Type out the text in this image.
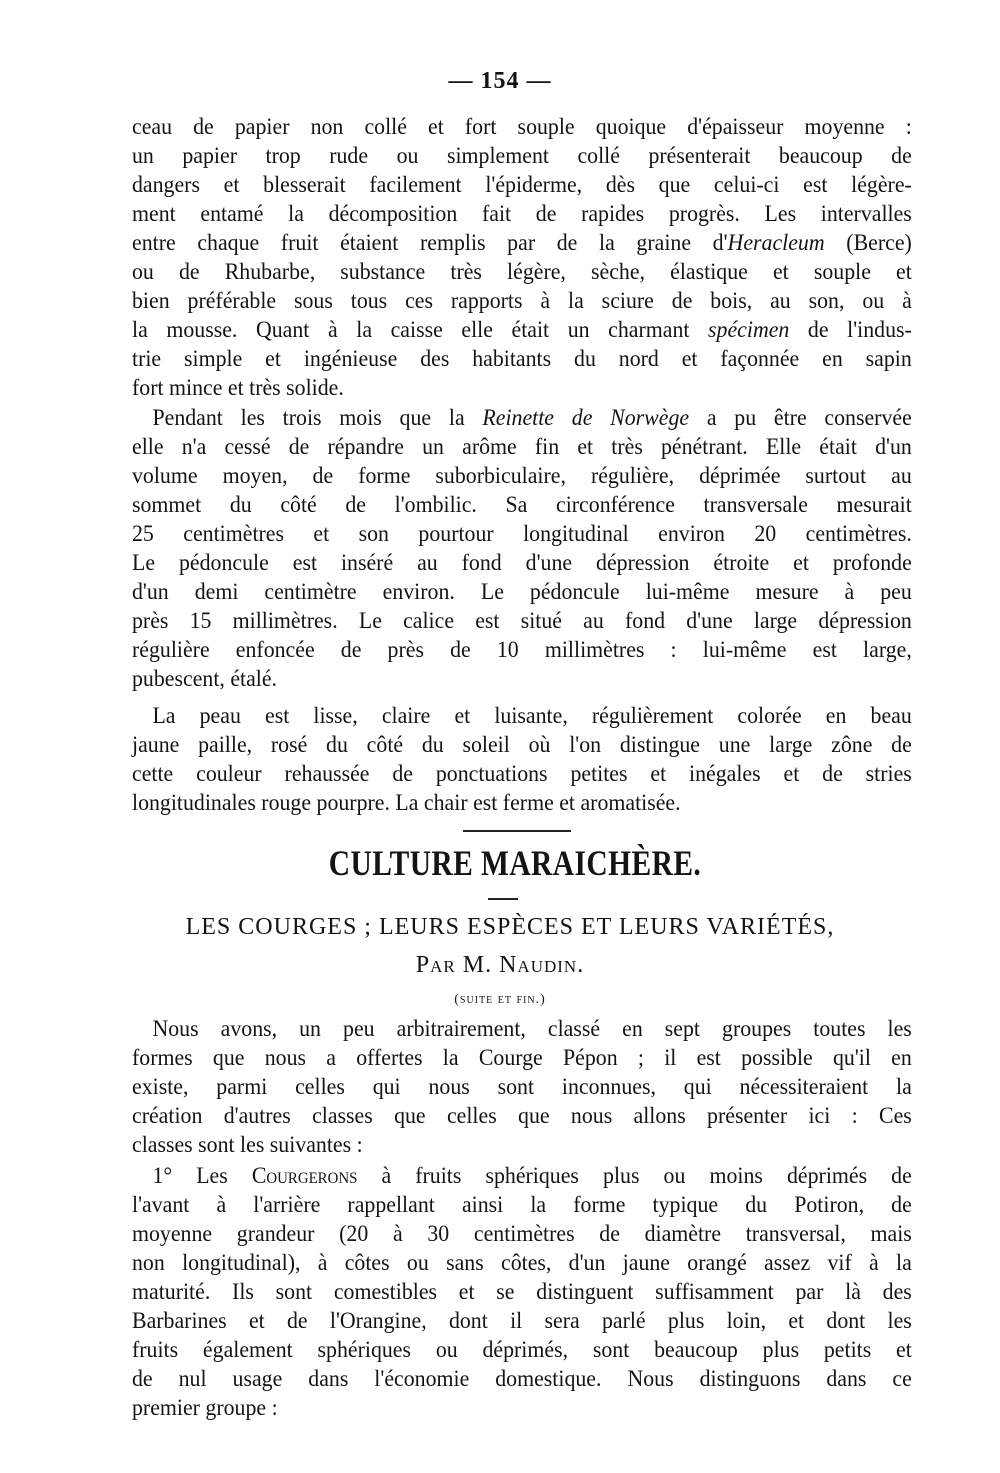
— 154 —
ceau de papier non collé et fort souple quoique d'épaisseur moyenne :
un papier trop rude ou simplement collé présenterait beaucoup de
dangers et blesserait facilement l'épiderme, dès que celui-ci est légère-
ment entamé la décomposition fait de rapides progrès. Les intervalles
entre chaque fruit étaient remplis par de la graine d'Heracleum (Berce)
ou de Rhubarbe, substance très légère, sèche, élastique et souple et
bien préférable sous tous ces rapports à la sciure de bois, au son, ou à
la mousse. Quant à la caisse elle était un charmant spécimen de l'indus-
trie simple et ingénieuse des habitants du nord et façonnée en sapin
fort mince et très solide.
Pendant les trois mois que la Reinette de Norwège a pu être conservée
elle n'a cessé de répandre un arôme fin et très pénétrant. Elle était d'un
volume moyen, de forme suborbiculaire, régulière, déprimée surtout au
sommet du côté de l'ombilic. Sa circonférence transversale mesurait
25 centimètres et son pourtour longitudinal environ 20 centimètres.
Le pédoncule est inséré au fond d'une dépression étroite et profonde
d'un demi centimètre environ. Le pédoncule lui-même mesure à peu
près 15 millimètres. Le calice est situé au fond d'une large dépression
régulière enfoncée de près de 10 millimètres : lui-même est large,
pubescent, étalé.
La peau est lisse, claire et luisante, régulièrement colorée en beau
jaune paille, rosé du côté du soleil où l'on distingue une large zône de
cette couleur rehaussée de ponctuations petites et inégales et de stries
longitudinales rouge pourpre. La chair est ferme et aromatisée.
CULTURE MARAICHÈRE.
LES COURGES ; LEURS ESPÈCES ET LEURS VARIÉTÉS,
Par M. Naudin.
(suite et fin.)
Nous avons, un peu arbitrairement, classé en sept groupes toutes les
formes que nous a offertes la Courge Pépon ; il est possible qu'il en
existe, parmi celles qui nous sont inconnues, qui nécessiteraient la
création d'autres classes que celles que nous allons présenter ici : Ces
classes sont les suivantes :
1° Les Courgerons à fruits sphériques plus ou moins déprimés de
l'avant à l'arrière rappellant ainsi la forme typique du Potiron, de
moyenne grandeur (20 à 30 centimètres de diamètre transversal, mais
non longitudinal), à côtes ou sans côtes, d'un jaune orangé assez vif à la
maturité. Ils sont comestibles et se distinguent suffisamment par là des
Barbarines et de l'Orangine, dont il sera parlé plus loin, et dont les
fruits également sphériques ou déprimés, sont beaucoup plus petits et
de nul usage dans l'économie domestique. Nous distinguons dans ce
premier groupe :
